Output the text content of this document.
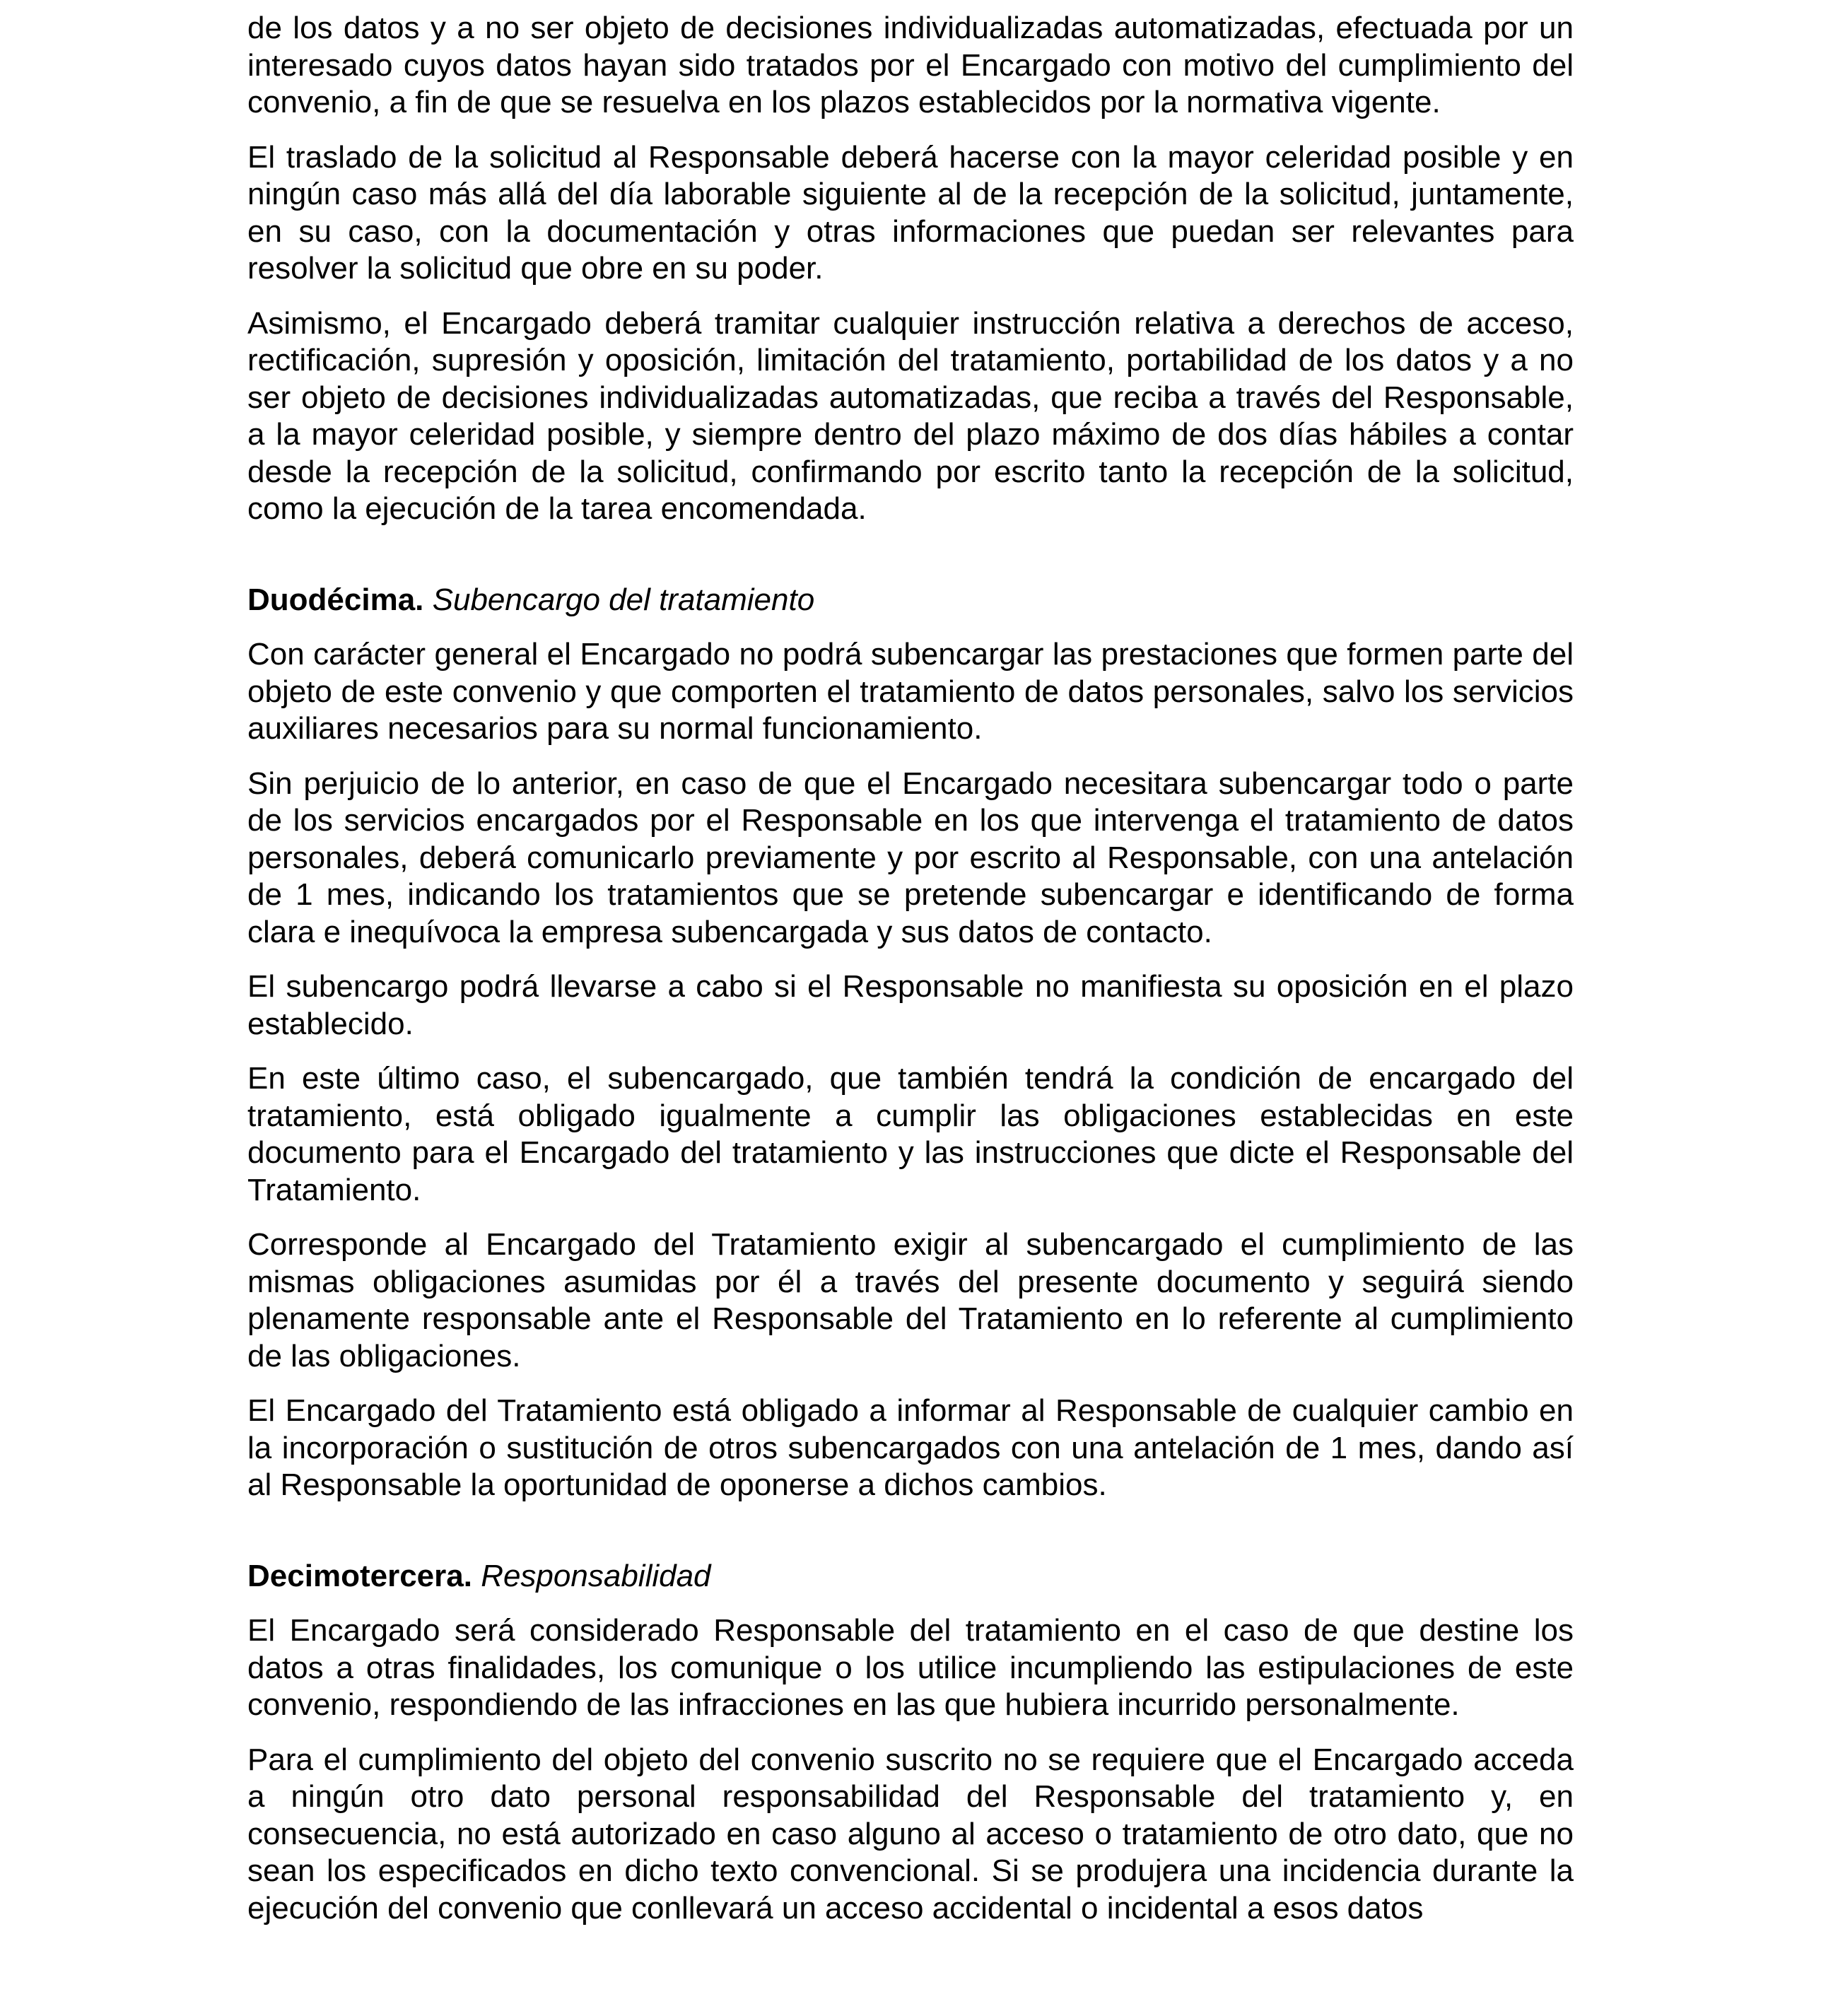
de los datos y a no ser objeto de decisiones individualizadas automatizadas, efectuada por un interesado cuyos datos hayan sido tratados por el Encargado con motivo del cumplimiento del convenio, a fin de que se resuelva en los plazos establecidos por la normativa vigente.

El traslado de la solicitud al Responsable deberá hacerse con la mayor celeridad posible y en ningún caso más allá del día laborable siguiente al de la recepción de la solicitud, juntamente, en su caso, con la documentación y otras informaciones que puedan ser relevantes para resolver la solicitud que obre en su poder.

Asimismo, el Encargado deberá tramitar cualquier instrucción relativa a derechos de acceso, rectificación, supresión y oposición, limitación del tratamiento, portabilidad de los datos y a no ser objeto de decisiones individualizadas automatizadas, que reciba a través del Responsable, a la mayor celeridad posible, y siempre dentro del plazo máximo de dos días hábiles a contar desde la recepción de la solicitud, confirmando por escrito tanto la recepción de la solicitud, como la ejecución de la tarea encomendada.

Duodécima. Subencargo del tratamiento

Con carácter general el Encargado no podrá subencargar las prestaciones que formen parte del objeto de este convenio y que comporten el tratamiento de datos personales, salvo los servicios auxiliares necesarios para su normal funcionamiento.

Sin perjuicio de lo anterior, en caso de que el Encargado necesitara subencargar todo o parte de los servicios encargados por el Responsable en los que intervenga el tratamiento de datos personales, deberá comunicarlo previamente y por escrito al Responsable, con una antelación de 1 mes, indicando los tratamientos que se pretende subencargar e identificando de forma clara e inequívoca la empresa subencargada y sus datos de contacto.

El subencargo podrá llevarse a cabo si el Responsable no manifiesta su oposición en el plazo establecido.

En este último caso, el subencargado, que también tendrá la condición de encargado del tratamiento, está obligado igualmente a cumplir las obligaciones establecidas en este documento para el Encargado del tratamiento y las instrucciones que dicte el Responsable del Tratamiento.

Corresponde al Encargado del Tratamiento exigir al subencargado el cumplimiento de las mismas obligaciones asumidas por él a través del presente documento y seguirá siendo plenamente responsable ante el Responsable del Tratamiento en lo referente al cumplimiento de las obligaciones.

El Encargado del Tratamiento está obligado a informar al Responsable de cualquier cambio en la incorporación o sustitución de otros subencargados con una antelación de 1 mes, dando así al Responsable la oportunidad de oponerse a dichos cambios.

Decimotercera. Responsabilidad

El Encargado será considerado Responsable del tratamiento en el caso de que destine los datos a otras finalidades, los comunique o los utilice incumpliendo las estipulaciones de este convenio, respondiendo de las infracciones en las que hubiera incurrido personalmente.

Para el cumplimiento del objeto del convenio suscrito no se requiere que el Encargado acceda a ningún otro dato personal responsabilidad del Responsable del tratamiento y, en consecuencia, no está autorizado en caso alguno al acceso o tratamiento de otro dato, que no sean los especificados en dicho texto convencional. Si se produjera una incidencia durante la ejecución del convenio que conllevará un acceso accidental o incidental a esos datos
